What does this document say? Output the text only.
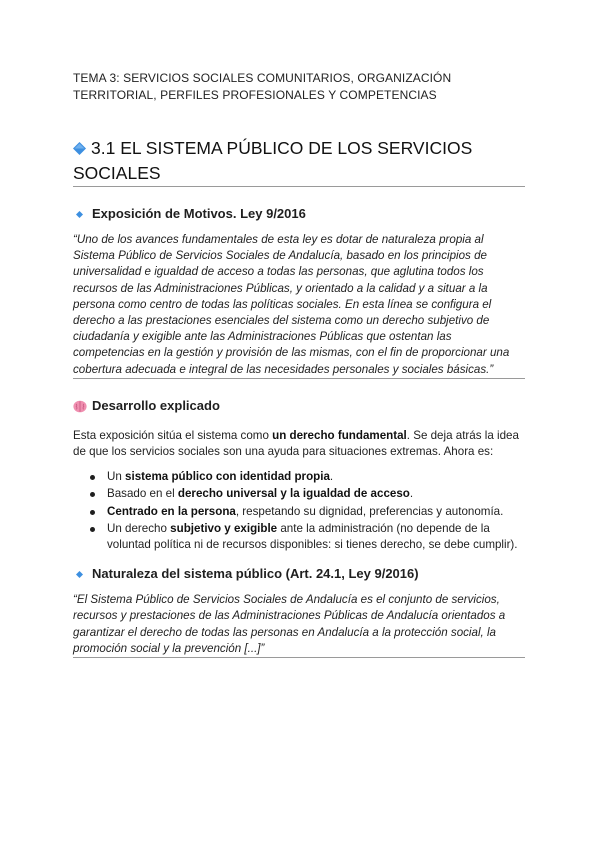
TEMA 3: SERVICIOS SOCIALES COMUNITARIOS, ORGANIZACIÓN

TERRITORIAL, PERFILES PROFESIONALES Y COMPETENCIAS

3.1 EL SISTEMA PÚBLICO DE LOS SERVICIOS SOCIALES
Exposición de Motivos. Ley 9/2016

“Uno de los avances fundamentales de esta ley es dotar de naturaleza propia al Sistema Público de Servicios Sociales de Andalucía, basado en los principios de universalidad e igualdad de acceso a todas las personas, que aglutina todos los recursos de las Administraciones Públicas, y orientado a la calidad y a situar a la persona como centro de todas las políticas sociales. En esta línea se configura el derecho a las prestaciones esenciales del sistema como un derecho subjetivo de ciudadanía y exigible ante las Administraciones Públicas que ostentan las competencias en la gestión y provisión de las mismas, con el fin de proporcionar una cobertura adecuada e integral de las necesidades personales y sociales básicas.”

Desarrollo explicado

Esta exposición sitúa el sistema como un derecho fundamental. Se deja atrás la idea de que los servicios sociales son una ayuda para situaciones extremas. Ahora es:

Un sistema público con identidad propia.
Basado en el derecho universal y la igualdad de acceso.
Centrado en la persona, respetando su dignidad, preferencias y autonomía.
Un derecho subjetivo y exigible ante la administración (no depende de la voluntad política ni de recursos disponibles: si tienes derecho, se debe cumplir).
Naturaleza del sistema público (Art. 24.1, Ley 9/2016)

“El Sistema Público de Servicios Sociales de Andalucía es el conjunto de servicios, recursos y prestaciones de las Administraciones Públicas de Andalucía orientados a garantizar el derecho de todas las personas en Andalucía a la protección social, la promoción social y la prevención [...]”
